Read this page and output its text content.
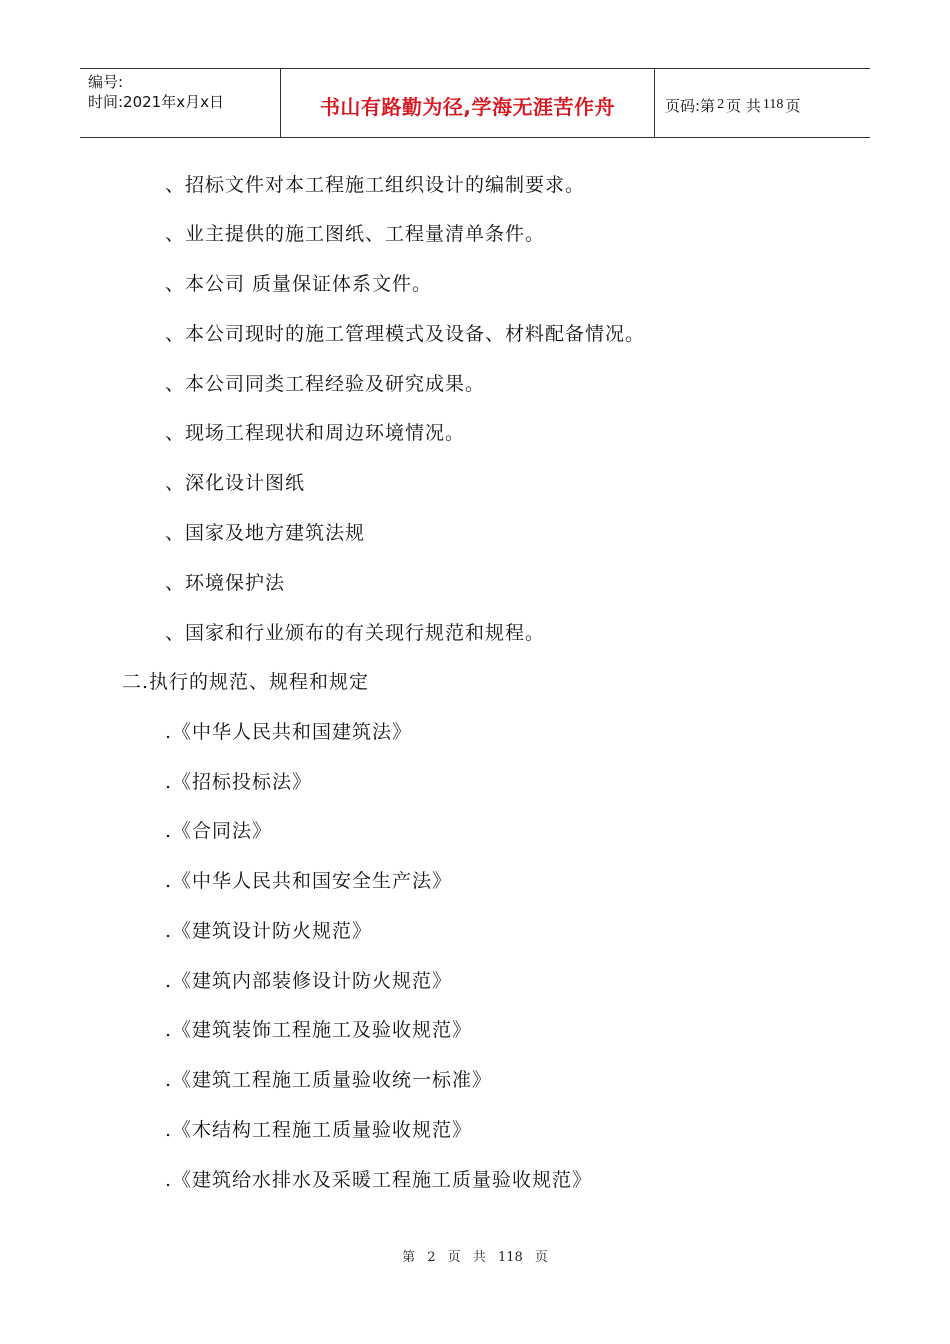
编号:
时间:2021年x月x日	书山有路勤为径,学海无涯苦作舟	页码:第 2 页 共 118 页
、招标文件对本工程施工组织设计的编制要求。
、业主提供的施工图纸、工程量清单条件。
、本公司 质量保证体系文件。
、本公司现时的施工管理模式及设备、材料配备情况。
、本公司同类工程经验及研究成果。
、现场工程现状和周边环境情况。
、深化设计图纸
、国家及地方建筑法规
、环境保护法
、国家和行业颁布的有关现行规范和规程。
二.执行的规范、规程和规定
.《中华人民共和国建筑法》
.《招标投标法》
.《合同法》
.《中华人民共和国安全生产法》
.《建筑设计防火规范》
.《建筑内部装修设计防火规范》
.《建筑装饰工程施工及验收规范》
.《建筑工程施工质量验收统一标准》
.《木结构工程施工质量验收规范》
.《建筑给水排水及采暖工程施工质量验收规范》
第 2 页 共 118 页
